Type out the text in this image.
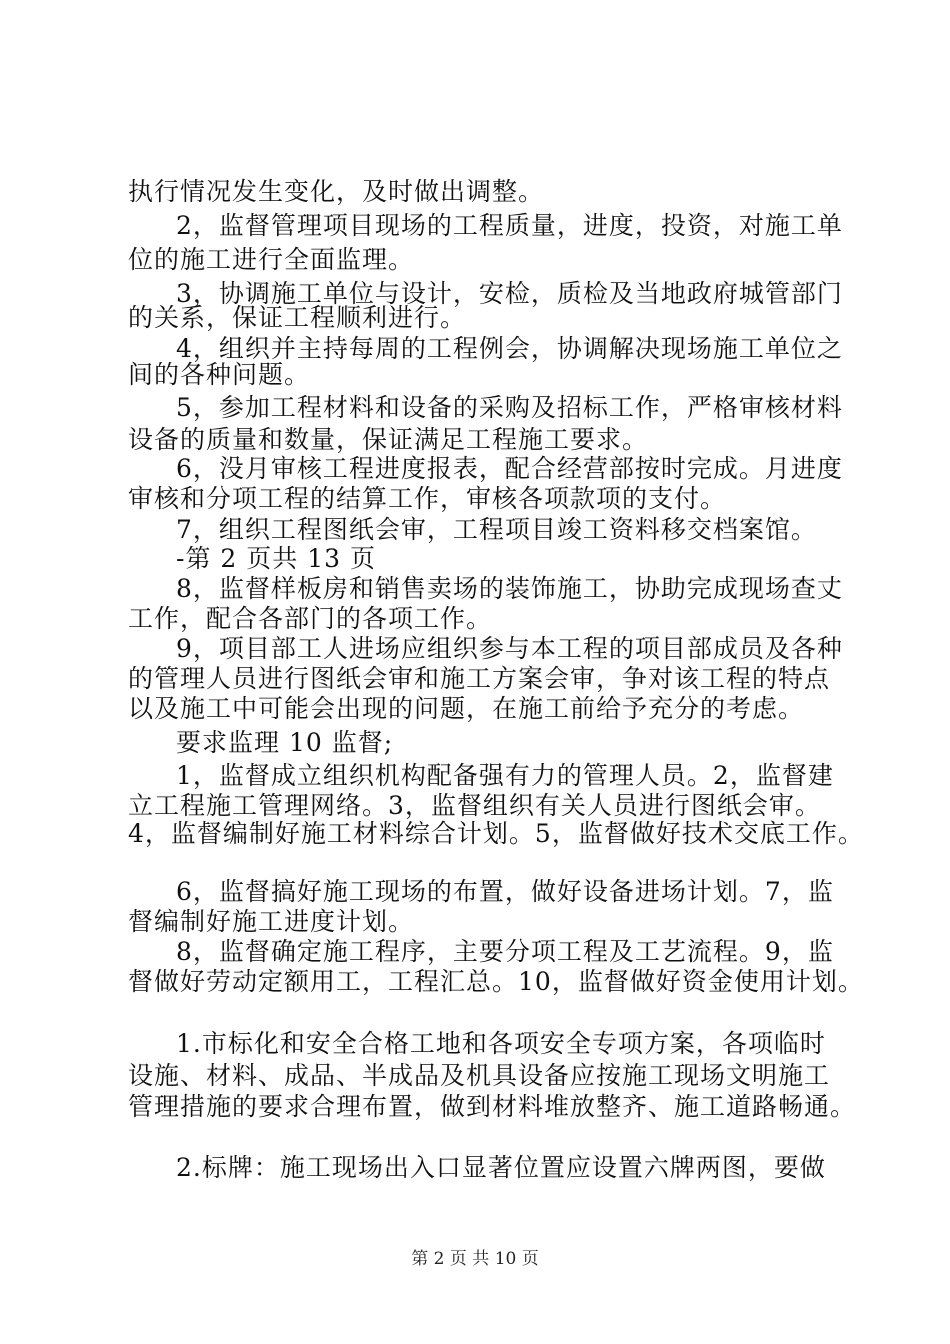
执行情况发生变化，及时做出调整。
2，监督管理项目现场的工程质量，进度，投资，对施工单
位的施工进行全面监理。
3，协调施工单位与设计，安检，质检及当地政府城管部门
的关系，保证工程顺利进行。
4，组织并主持每周的工程例会，协调解决现场施工单位之
间的各种问题。
5，参加工程材料和设备的采购及招标工作，严格审核材料
设备的质量和数量，保证满足工程施工要求。
6，没月审核工程进度报表，配合经营部按时完成。月进度
审核和分项工程的结算工作，审核各项款项的支付。
7，组织工程图纸会审，工程项目竣工资料移交档案馆。
-第 2 页共 13 页
8，监督样板房和销售卖场的装饰施工，协助完成现场查丈
工作，配合各部门的各项工作。
9，项目部工人进场应组织参与本工程的项目部成员及各种
的管理人员进行图纸会审和施工方案会审，争对该工程的特点
以及施工中可能会出现的问题，在施工前给予充分的考虑。
要求监理 10 监督;
1，监督成立组织机构配备强有力的管理人员。2，监督建
立工程施工管理网络。3，监督组织有关人员进行图纸会审。
4，监督编制好施工材料综合计划。5，监督做好技术交底工作。
6，监督搞好施工现场的布置，做好设备进场计划。7，监
督编制好施工进度计划。
8，监督确定施工程序，主要分项工程及工艺流程。9，监
督做好劳动定额用工，工程汇总。10，监督做好资金使用计划。
1.市标化和安全合格工地和各项安全专项方案，各项临时
设施、材料、成品、半成品及机具设备应按施工现场文明施工
管理措施的要求合理布置，做到材料堆放整齐、施工道路畅通。
2.标牌：施工现场出入口显著位置应设置六牌两图，要做
第 2 页 共 10 页
